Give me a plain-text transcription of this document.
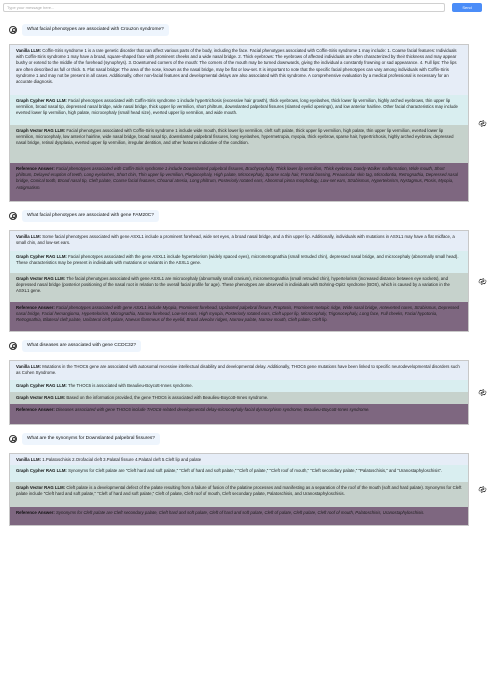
Type your message here...
Send
What facial phenotypes are associated with Crouzon syndrome?
Vanilla LLM: Coffin-Siris syndrome 1 is a rare genetic disorder that can affect various parts of the body, including the face. Facial phenotypes associated with Coffin-Siris syndrome 1 may include: 1. Coarse facial features: Individuals with Coffin-Siris syndrome 1 may have a broad, square-shaped face with prominent cheeks and a wide nasal bridge. 2. Thick eyebrows: The eyebrows of affected individuals are often characterized by their thickness and may appear bushy or extend to the middle of the forehead (synophrys). 3. Downturned corners of the mouth: The corners of the mouth may be turned downwards, giving the individual a constantly frowning or sad appearance. 4. Full lips: The lips are often described as full or thick. 5. Flat nasal bridge: The area of the nose, known as the nasal bridge, may be flat or low-set. It is important to note that the specific facial phenotypes can vary among individuals with Coffin-Siris syndrome 1 and may not be present in all cases. Additionally, other non-facial features and developmental delays are also associated with this syndrome. A comprehensive evaluation by a medical professional is necessary for an accurate diagnosis.
Graph Cypher RAG LLM: Facial phenotypes associated with Coffin-Siris syndrome 1 include hypertrichosis (excessive hair growth), thick eyebrows, long eyelashes, thick lower lip vermilion, highly arched eyebrows, thin upper lip vermilion, broad nasal tip, depressed nasal bridge, wide nasal bridge, thick upper lip vermilion, short philtrum, downslanted palpebral fissures (slanted eyelid openings), and low anterior hairline. Other facial characteristics may include everted lower lip vermilion, high palate, microcephaly (small head size), everted upper lip vermilion, and wide mouth.
Graph Vector RAG LLM: Facial phenotypes associated with Coffin-Siris syndrome 1 include wide mouth, thick lower lip vermilion, cleft soft palate, thick upper lip vermilion, high palate, thin upper lip vermilion, everted lower lip vermilion, microcephaly, low anterior hairline, wide nasal bridge, broad nasal tip, downslanted palpebral fissures, long eyelashes, hypermetropia, myopia, thick eyebrow, sparse hair, hypertrichosis, highly arched eyebrow, depressed nasal bridge, retinal dysplasia, everted upper lip vermilion, irregular dentition, and other features indicative of the condition.
Reference Answer: Facial phenotypes associated with Coffin-Siris syndrome 1 include Downslanted palpebral fissures, Brachycephaly, Thick lower lip vermilion, Thick eyebrow, Dandy-Walker malformation, Wide mouth, Short philtrum, Delayed eruption of teeth, Long eyelashes, Short chin, Thin upper lip vermilion, Plagiocephaly, High palate, Microcephaly, Sparse scalp hair, Frontal bossing, Preauricular skin tag, Microdontia, Retrognathia, Depressed nasal bridge, Conical tooth, Broad nasal tip, Cleft palate, Coarse facial features, Choanal atresia, Long philtrum, Posteriorly rotated ears, Abnormal pinna morphology, Low-set ears, Strabismus, Hypertelorism, Nystagmus, Ptosis, Myopia, Astigmatism.
What facial phenotypes are associated with gene FAM20C?
Vanilla LLM: Some facial phenotypes associated with gene ASXL1 include a prominent forehead, wide set eyes, a broad nasal bridge, and a thin upper lip. Additionally, individuals with mutations in ASXL1 may have a flat midface, a small chin, and low-set ears.
Graph Cypher RAG LLM: Facial phenotypes associated with the gene ASXL1 include hypertelorism (widely spaced eyes), micrometrognathia (small retruded chin), depressed nasal bridge, and microcephaly (abnormally small head). These characteristics may be present in individuals with mutations or variants in the ASXL1 gene.
Graph Vector RAG LLM: The facial phenotypes associated with gene ASXL1 are microcephaly (abnormally small cranium), micrometrognathia (small retruded chin), hypertelorism (increased distance between eye sockets), and depressed nasal bridge (posterior positioning of the nasal root in relation to the overall facial profile for age). These phenotypes are observed in individuals with Bohring-Opitz syndrome (BOS), which is caused by a variation in the ASXL1 gene.
Reference Answer: Facial phenotypes associated with gene ASXL1 include Myopia, Prominent forehead, Upslanted palpebral fissure, Proptosis, Prominent metopic ridge, Wide nasal bridge, Anteverted nares, Strabismus, Depressed nasal bridge, Facial hemangioma, Hypertelorism, Micrognathia, Narrow forehead, Low-set ears, High myopia, Posteriorly rotated ears, Cleft upper lip, Microcephaly, Trigonocephaly, Long face, Full cheeks, Facial hypotonia, Retrognathia, Bilateral cleft palate, Unilateral cleft palate, Naevus flammeus of the eyelid, Broad alveolar ridges, Narrow palate, Narrow mouth, Cleft palate, Cleft lip.
What diseases are associated with gene CCDC32?
Vanilla LLM: Mutations in the THOC6 gene are associated with autosomal recessive intellectual disability and developmental delay. Additionally, THOC6 gene mutations have been linked to specific neurodevelopmental disorders such as Cohen Syndrome.
Graph Cypher RAG LLM: The THOC6 is associated with Beaulieu-Boycott-Innes syndrome.
Graph Vector RAG LLM: Based on the information provided, the gene THOC6 is associated with Beaulieu-Boycott-Innes syndrome.
Reference Answer: Diseases associated with gene THOC6 include THOC6-related developmental delay-microcephaly-facial dysmorphism syndrome, Beaulieu-Boycott-Innes syndrome.
What are the synonyms for Downslanted palpebral fissures?
Vanilla LLM: 1.Palatoschisis 2.Orofacial cleft 3.Palatal fissure 4.Palatal cleft 5.Cleft lip and palate
Graph Cypher RAG LLM: Synonyms for Cleft palate are "Cleft hard and soft palate," "Cleft of hard and soft palate," "Cleft of palate," "Cleft roof of mouth," "Cleft secondary palate," "Palatoschisis," and "Uranostaphyloschisis".
Graph Vector RAG LLM: Cleft palate is a developmental defect of the palate resulting from a failure of fusion of the palatine processes and manifesting as a separation of the roof of the mouth (soft and hard palate). Synonyms for Cleft palate include "Cleft hard and soft palate," "Cleft of hard and soft palate," Cleft of palate, Cleft roof of mouth, Cleft secondary palate, Palatoschisis, and Uranostaphyloschisis.
Reference Answer: Synonyms for Cleft palate are Cleft secondary palate, Cleft hard and soft palate, Cleft of hard and soft palate, Cleft of palate, Cleft palate, Cleft roof of mouth, Palatoschisis, Uranostaphyloschisis.
